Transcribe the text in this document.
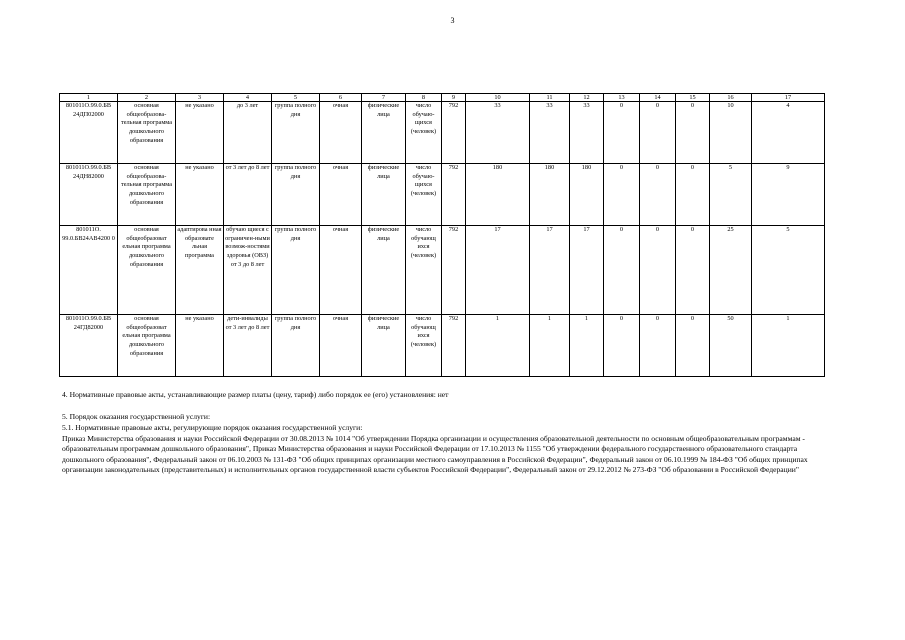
3
1	2	3	4	5	6	7	8	9	10	11	12	13	14	15	16	17
801011О.99.0.БВ 24ДП02000	основная общеобразова-тельная программа дошкольного образования	не указано	до 3 лет	группа полного дня	очная	физические лица	число обучаю-щихся (человек)	792	33	33	33	0	0	0	10	4
801011О.99.0.БВ 24ДН82000	основная общеобразова-тельная программа дошкольного образования	не указано	от 3 лет до 8 лет	группа полного дня	очная	физические лица	число обучаю-щихся (человек)	792	180	180	180	0	0	0	5	9
801011О. 99.0.БВ24АВ4200 0	основная общеобразоват ельная программа дошкольного образования	адаптирова нная образовате льная программа	обучаю щиеся с ограничен-ными возмож-ностями здоровья (ОВЗ) от 3 до 8 лет	группа полного дня	очная	физические лица	число обучающ ихся (человек)	792	17	17	17	0	0	0	25	5
801011О.99.0.БВ 24ГД82000	основная общеобразоват ельная программа дошкольного образования	не указано	дети-инвалиды от 3 лет до 8 лет	группа полного дня	очная	физические лица	число обучающ ихся (человек)	792	1	1	1	0	0	0	50	1
4. Нормативные правовые акты, устанавливающие размер платы (цену, тариф) либо порядок ее (его) установления: нет
5. Порядок оказания государственной услуги:
5.1. Нормативные правовые акты, регулирующие порядок оказания государственной услуги:
Приказ Министерства образования и науки Российской Федерации от 30.08.2013 № 1014 "Об утверждении Порядка организации и осуществления образовательной деятельности по основным общеобразовательным программам - образовательным программам дошкольного образования", Приказ Министерства образования и науки Российской Федерации от 17.10.2013 № 1155 "Об утверждении федерального государственного образовательного стандарта дошкольного образования", Федеральный закон от 06.10.2003 № 131-ФЗ "Об общих принципах организации местного самоуправления в Российской Федерации", Федеральный закон от 06.10.1999 № 184-ФЗ "Об общих принципах организации законодательных (представительных) и исполнительных органов государственной власти субъектов Российской Федерации", Федеральный закон от 29.12.2012 № 273-ФЗ "Об образовании в Российской Федерации"
